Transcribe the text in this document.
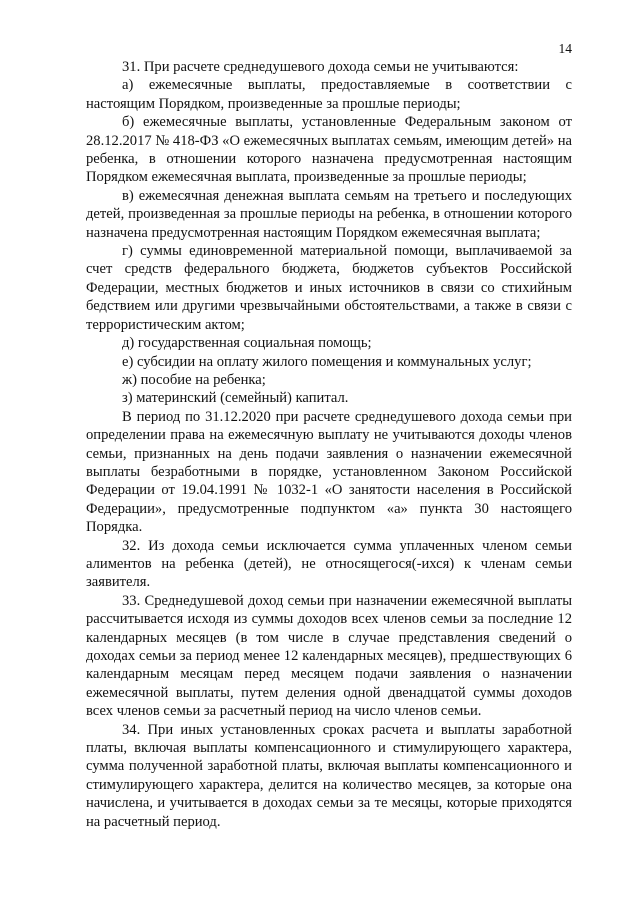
14

31. При расчете среднедушевого дохода семьи не учитываются:

а) ежемесячные выплаты, предоставляемые в соответствии с настоящим Порядком, произведенные за прошлые периоды;

б) ежемесячные выплаты, установленные Федеральным законом от 28.12.2017 № 418-ФЗ «О ежемесячных выплатах семьям, имеющим детей» на ребенка, в отношении которого назначена предусмотренная настоящим Порядком ежемесячная выплата, произведенные за прошлые периоды;

в) ежемесячная денежная выплата семьям на третьего и последующих детей, произведенная за прошлые периоды на ребенка, в отношении которого назначена предусмотренная настоящим Порядком ежемесячная выплата;

г) суммы единовременной материальной помощи, выплачиваемой за счет средств федерального бюджета, бюджетов субъектов Российской Федерации, местных бюджетов и иных источников в связи со стихийным бедствием или другими чрезвычайными обстоятельствами, а также в связи с террористическим актом;

д) государственная социальная помощь;

е) субсидии на оплату жилого помещения и коммунальных услуг;

ж) пособие на ребенка;

з) материнский (семейный) капитал.

В период по 31.12.2020 при расчете среднедушевого дохода семьи при определении права на ежемесячную выплату не учитываются доходы членов семьи, признанных на день подачи заявления о назначении ежемесячной выплаты безработными в порядке, установленном Законом Российской Федерации от 19.04.1991 № 1032-1 «О занятости населения в Российской Федерации», предусмотренные подпунктом «а» пункта 30 настоящего Порядка.

32. Из дохода семьи исключается сумма уплаченных членом семьи алиментов на ребенка (детей), не относящегося(-ихся) к членам семьи заявителя.

33. Среднедушевой доход семьи при назначении ежемесячной выплаты рассчитывается исходя из суммы доходов всех членов семьи за последние 12 календарных месяцев (в том числе в случае представления сведений о доходах семьи за период менее 12 календарных месяцев), предшествующих 6 календарным месяцам перед месяцем подачи заявления о назначении ежемесячной выплаты, путем деления одной двенадцатой суммы доходов всех членов семьи за расчетный период на число членов семьи.

34. При иных установленных сроках расчета и выплаты заработной платы, включая выплаты компенсационного и стимулирующего характера, сумма полученной заработной платы, включая выплаты компенсационного и стимулирующего характера, делится на количество месяцев, за которые она начислена, и учитывается в доходах семьи за те месяцы, которые приходятся на расчетный период.
